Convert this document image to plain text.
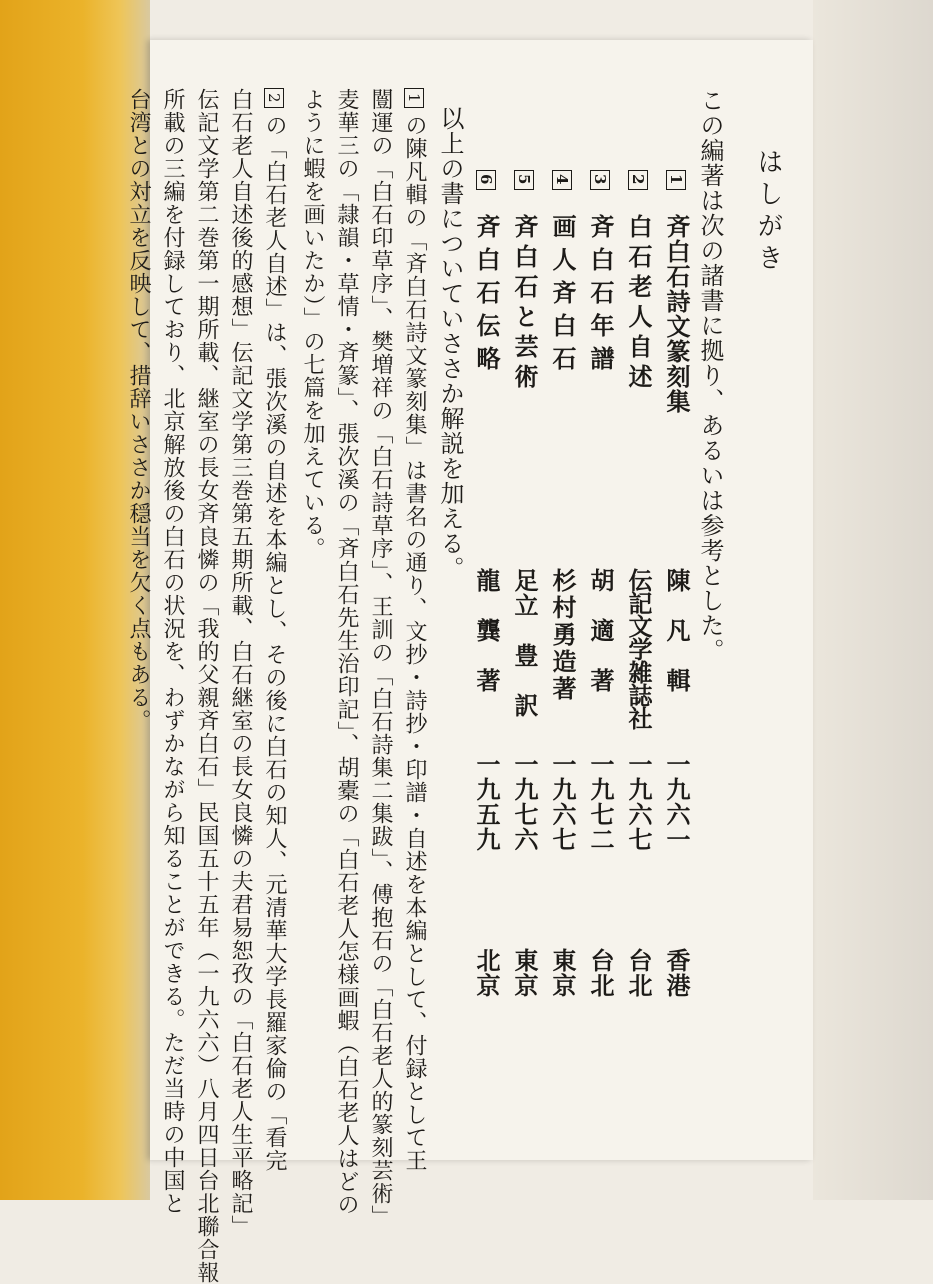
はしがき
この編著は次の諸書に拠り、あるいは参考とした。
1斉白石詩文篆刻集
2白石老人自述
3斉白石年譜
4画人斉白石
5斉白石と芸術
6斉白石伝略
陳　凡　輯
伝記文学雑誌社
胡　適　著
杉村勇造著
足立　豊　訳
龍　龔　著
一九六一
一九六七
一九七二
一九六七
一九七六
一九五九
香港
台北
台北
東京
東京
北京
以上の書についていささか解説を加える。
1の陳凡輯の「斉白石詩文篆刻集」は書名の通り、文抄・詩抄・印譜・自述を本編として、付録として王
闓運の「白石印草序」、樊増祥の「白石詩草序」、王訓の「白石詩集二集跋」、傅抱石の「白石老人的篆刻芸術」
麦華三の「隷韻・草情・斉篆」、張次溪の「斉白石先生治印記」、胡橐の「白石老人怎様画蝦（白石老人はどの
ように蝦を画いたか）」の七篇を加えている。
2の「白石老人自述」は、張次溪の自述を本編とし、その後に白石の知人、元清華大学長羅家倫の「看完
白石老人自述後的感想」伝記文学第三巻第五期所載、白石継室の長女良憐の夫君易恕孜の「白石老人生平略記」
伝記文学第二巻第一期所載、継室の長女斉良憐の「我的父親斉白石」民国五十五年（一九六六）八月四日台北聯合報
所載の三編を付録しており、北京解放後の白石の状況を、わずかながら知ることができる。ただ当時の中国と
台湾との対立を反映して、措辞いささか穏当を欠く点もある。
